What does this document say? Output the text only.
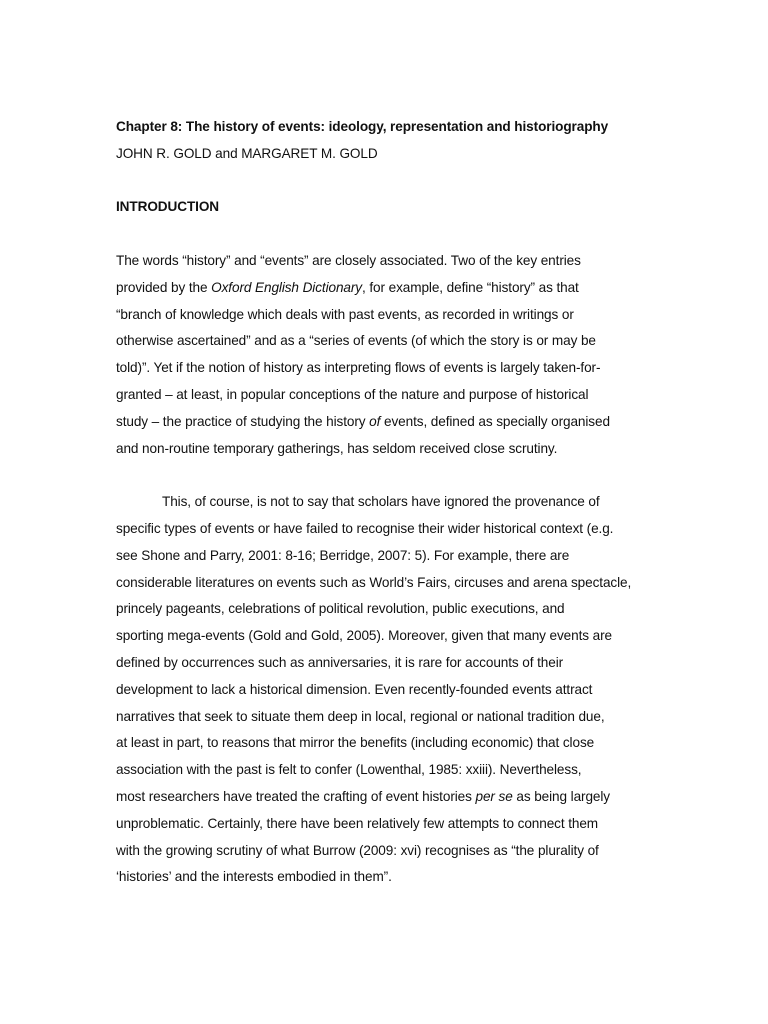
Chapter 8: The history of events: ideology, representation and historiography
JOHN R. GOLD and MARGARET M. GOLD
INTRODUCTION
The words “history” and “events” are closely associated. Two of the key entries
provided by the Oxford English Dictionary, for example, define “history” as that
“branch of knowledge which deals with past events, as recorded in writings or
otherwise ascertained” and as a “series of events (of which the story is or may be
told)”. Yet if the notion of history as interpreting flows of events is largely taken-for-
granted – at least, in popular conceptions of the nature and purpose of historical
study – the practice of studying the history of events, defined as specially organised
and non-routine temporary gatherings, has seldom received close scrutiny.
This, of course, is not to say that scholars have ignored the provenance of
specific types of events or have failed to recognise their wider historical context (e.g.
see Shone and Parry, 2001: 8-16; Berridge, 2007: 5). For example, there are
considerable literatures on events such as World’s Fairs, circuses and arena spectacle,
princely pageants, celebrations of political revolution, public executions, and
sporting mega-events (Gold and Gold, 2005). Moreover, given that many events are
defined by occurrences such as anniversaries, it is rare for accounts of their
development to lack a historical dimension. Even recently-founded events attract
narratives that seek to situate them deep in local, regional or national tradition due,
at least in part, to reasons that mirror the benefits (including economic) that close
association with the past is felt to confer (Lowenthal, 1985: xxiii). Nevertheless,
most researchers have treated the crafting of event histories per se as being largely
unproblematic. Certainly, there have been relatively few attempts to connect them
with the growing scrutiny of what Burrow (2009: xvi) recognises as “the plurality of
‘histories’ and the interests embodied in them”.
